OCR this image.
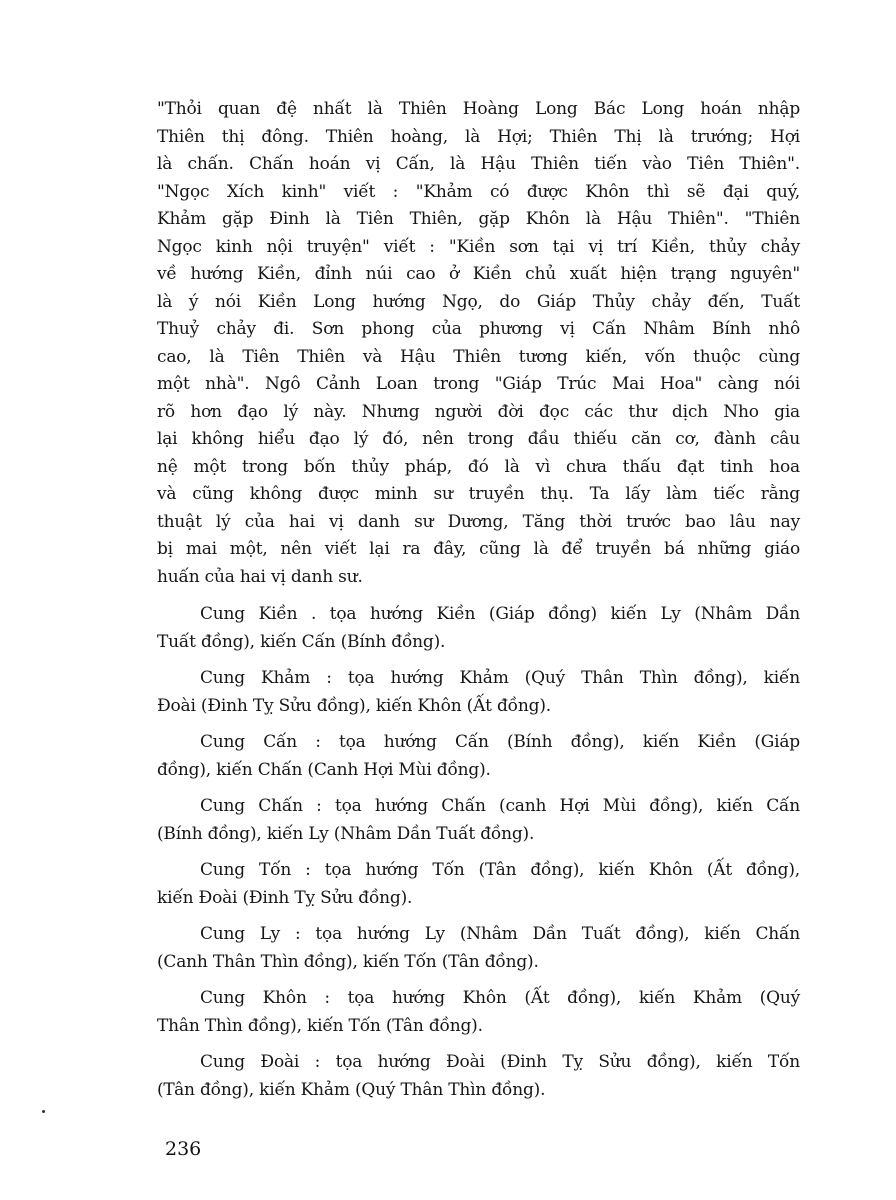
"Thỏi quan đệ nhất là Thiên Hoàng Long Bác Long hoán nhập
Thiên thị đông. Thiên hoàng, là Hợi; Thiên Thị là trướng; Hợi
là chấn. Chấn hoán vị Cấn, là Hậu Thiên tiến vào Tiên Thiên".
"Ngọc Xích kinh" viết : "Khảm có được Khôn thì sẽ đại quý,
Khảm gặp Đinh là Tiên Thiên, gặp Khôn là Hậu Thiên". "Thiên
Ngọc kinh nội truyện" viết : "Kiền sơn tại vị trí Kiền, thủy chảy
về hướng Kiền, đỉnh núi cao ở Kiền chủ xuất hiện trạng nguyên"
là ý nói Kiền Long hướng Ngọ, do Giáp Thủy chảy đến, Tuất
Thuỷ chảy đi. Sơn phong của phương vị Cấn Nhâm Bính nhô
cao, là Tiên Thiên và Hậu Thiên tương kiến, vốn thuộc cùng
một nhà". Ngô Cảnh Loan trong "Giáp Trúc Mai Hoa" càng nói
rõ hơn đạo lý này. Nhưng người đời đọc các thư dịch Nho gia
lại không hiểu đạo lý đó, nên trong đầu thiếu căn cơ, đành câu
nệ một trong bốn thủy pháp, đó là vì chưa thấu đạt tinh hoa
và cũng không được minh sư truyền thụ. Ta lấy làm tiếc rằng
thuật lý của hai vị danh sư Dương, Tăng thời trước bao lâu nay
bị mai một, nên viết lại ra đây, cũng là để truyền bá những giáo
huấn của hai vị danh sư.
Cung Kiền . tọa hướng Kiền (Giáp đồng) kiến Ly (Nhâm Dần
Tuất đồng), kiến Cấn (Bính đồng).
Cung Khảm : tọa hướng Khảm (Quý Thân Thìn đồng), kiến
Đoài (Đinh Tỵ Sửu đồng), kiến Khôn (Ất đồng).
Cung Cấn : tọa hướng Cấn (Bính đồng), kiến Kiền (Giáp
đồng), kiến Chấn (Canh Hợi Mùi đồng).
Cung Chấn : tọa hướng Chấn (canh Hợi Mùi đồng), kiến Cấn
(Bính đồng), kiến Ly (Nhâm Dần Tuất đồng).
Cung Tốn : tọa hướng Tốn (Tân đồng), kiến Khôn (Ất đồng),
kiến Đoài (Đinh Tỵ Sửu đồng).
Cung Ly : tọa hướng Ly (Nhâm Dần Tuất đồng), kiến Chấn
(Canh Thân Thìn đồng), kiến Tốn (Tân đồng).
Cung Khôn : tọa hướng Khôn (Ất đồng), kiến Khảm (Quý
Thân Thìn đồng), kiến Tốn (Tân đồng).
Cung Đoài : tọa hướng Đoài (Đinh Tỵ Sửu đồng), kiến Tốn
(Tân đồng), kiến Khảm (Quý Thân Thìn đồng).
236
